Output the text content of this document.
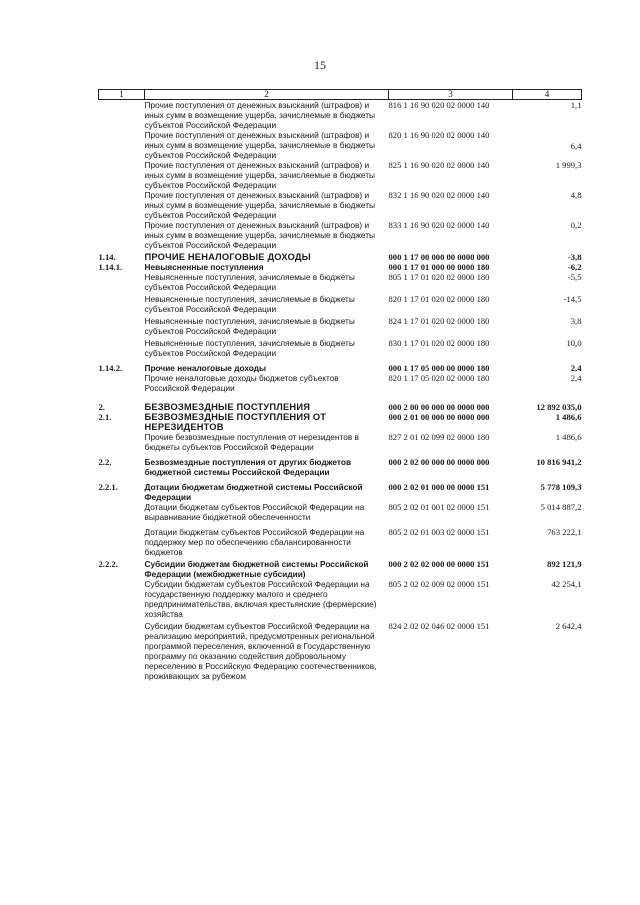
15
1	2	3	4
	Прочие поступления от денежных взысканий (штрафов) и иных сумм в возмещение ущерба, зачисляемые в бюджеты субъектов Российской Федерации	816 1 16 90 020 02 0000 140	1,1
	Прочие поступления от денежных взысканий (штрафов) и иных сумм в возмещение ущерба, зачисляемые в бюджеты субъектов Российской Федерации	820 1 16 90 020 02 0000 140	6,4
	Прочие поступления от денежных взысканий (штрафов) и иных сумм в возмещение ущерба, зачисляемые в бюджеты субъектов Российской Федерации	825 1 16 90 020 02 0000 140	1 999,3
	Прочие поступления от денежных взысканий (штрафов) и иных сумм в возмещение ущерба, зачисляемые в бюджеты субъектов Российской Федерации	832 1 16 90 020 02 0000 140	4,8
	Прочие поступления от денежных взысканий (штрафов) и иных сумм в возмещение ущерба, зачисляемые в бюджеты субъектов Российской Федерации	833 1 16 90 020 02 0000 140	0,2
1.14.	ПРОЧИЕ НЕНАЛОГОВЫЕ ДОХОДЫ	000 1 17 00 000 00 0000 000	-3,8
1.14.1.	Невыясненные поступления	000 1 17 01 000 00 0000 180	-6,2
	Невыясненные поступления, зачисляемые в бюджеты субъектов Российской Федерации	805 1 17 01 020 02 0000 180	-5,5
	Невыясненные поступления, зачисляемые в бюджеты субъектов Российской Федерации	820 1 17 01 020 02 0000 180	-14,5
	Невыясненные поступления, зачисляемые в бюджеты субъектов Российской Федерации	824 1 17 01 020 02 0000 180	3,8
	Невыясненные поступления, зачисляемые в бюджеты субъектов Российской Федерации	830 1 17 01 020 02 0000 180	10,0
1.14.2.	Прочие неналоговые доходы	000 1 17 05 000 00 0000 180	2,4
	Прочие неналоговые доходы бюджетов субъектов Российской Федерации	820 1 17 05 020 02 0000 180	2,4
2.	БЕЗВОЗМЕЗДНЫЕ ПОСТУПЛЕНИЯ	000 2 00 00 000 00 0000 000	12 892 035,0
2.1.	БЕЗВОЗМЕЗДНЫЕ ПОСТУПЛЕНИЯ ОТ НЕРЕЗИДЕНТОВ	000 2 01 00 000 00 0000 000	1 486,6
	Прочие безвозмездные поступления от нерезидентов в бюджеты субъектов Российской Федерации	827 2 01 02 099 02 0000 180	1 486,6
2.2.	Безвозмездные поступления от других бюджетов бюджетной системы Российской Федерации	000 2 02 00 000 00 0000 000	10 816 941,2
2.2.1.	Дотации бюджетам бюджетной системы Российской Федерации	000 2 02 01 000 00 0000 151	5 778 109,3
	Дотации бюджетам субъектов Российской Федерации на выравнивание бюджетной обеспеченности	805 2 02 01 001 02 0000 151	5 014 887,2
	Дотации бюджетам субъектов Российской Федерации на поддержку мер по обеспечению сбалансированности бюджетов	805 2 02 01 003 02 0000 151	763 222,1
2.2.2.	Субсидии бюджетам бюджетной системы Российской Федерации (межбюджетные субсидии)	000 2 02 02 000 00 0000 151	892 121,9
	Субсидии бюджетам субъектов Российской Федерации на государственную поддержку малого и среднего предпринимательства, включая крестьянские (фермерские) хозяйства	805 2 02 02 009 02 0000 151	42 254,1
	Субсидии бюджетам субъектов Российской Федерации на реализацию мероприятий, предусмотренных региональной программой переселения, включенной в Государственную программу по оказанию содействия добровольному переселению в Российскую Федерацию соотечественников, проживающих за рубежом	824 2 02 02 046 02 0000 151	2 642,4
